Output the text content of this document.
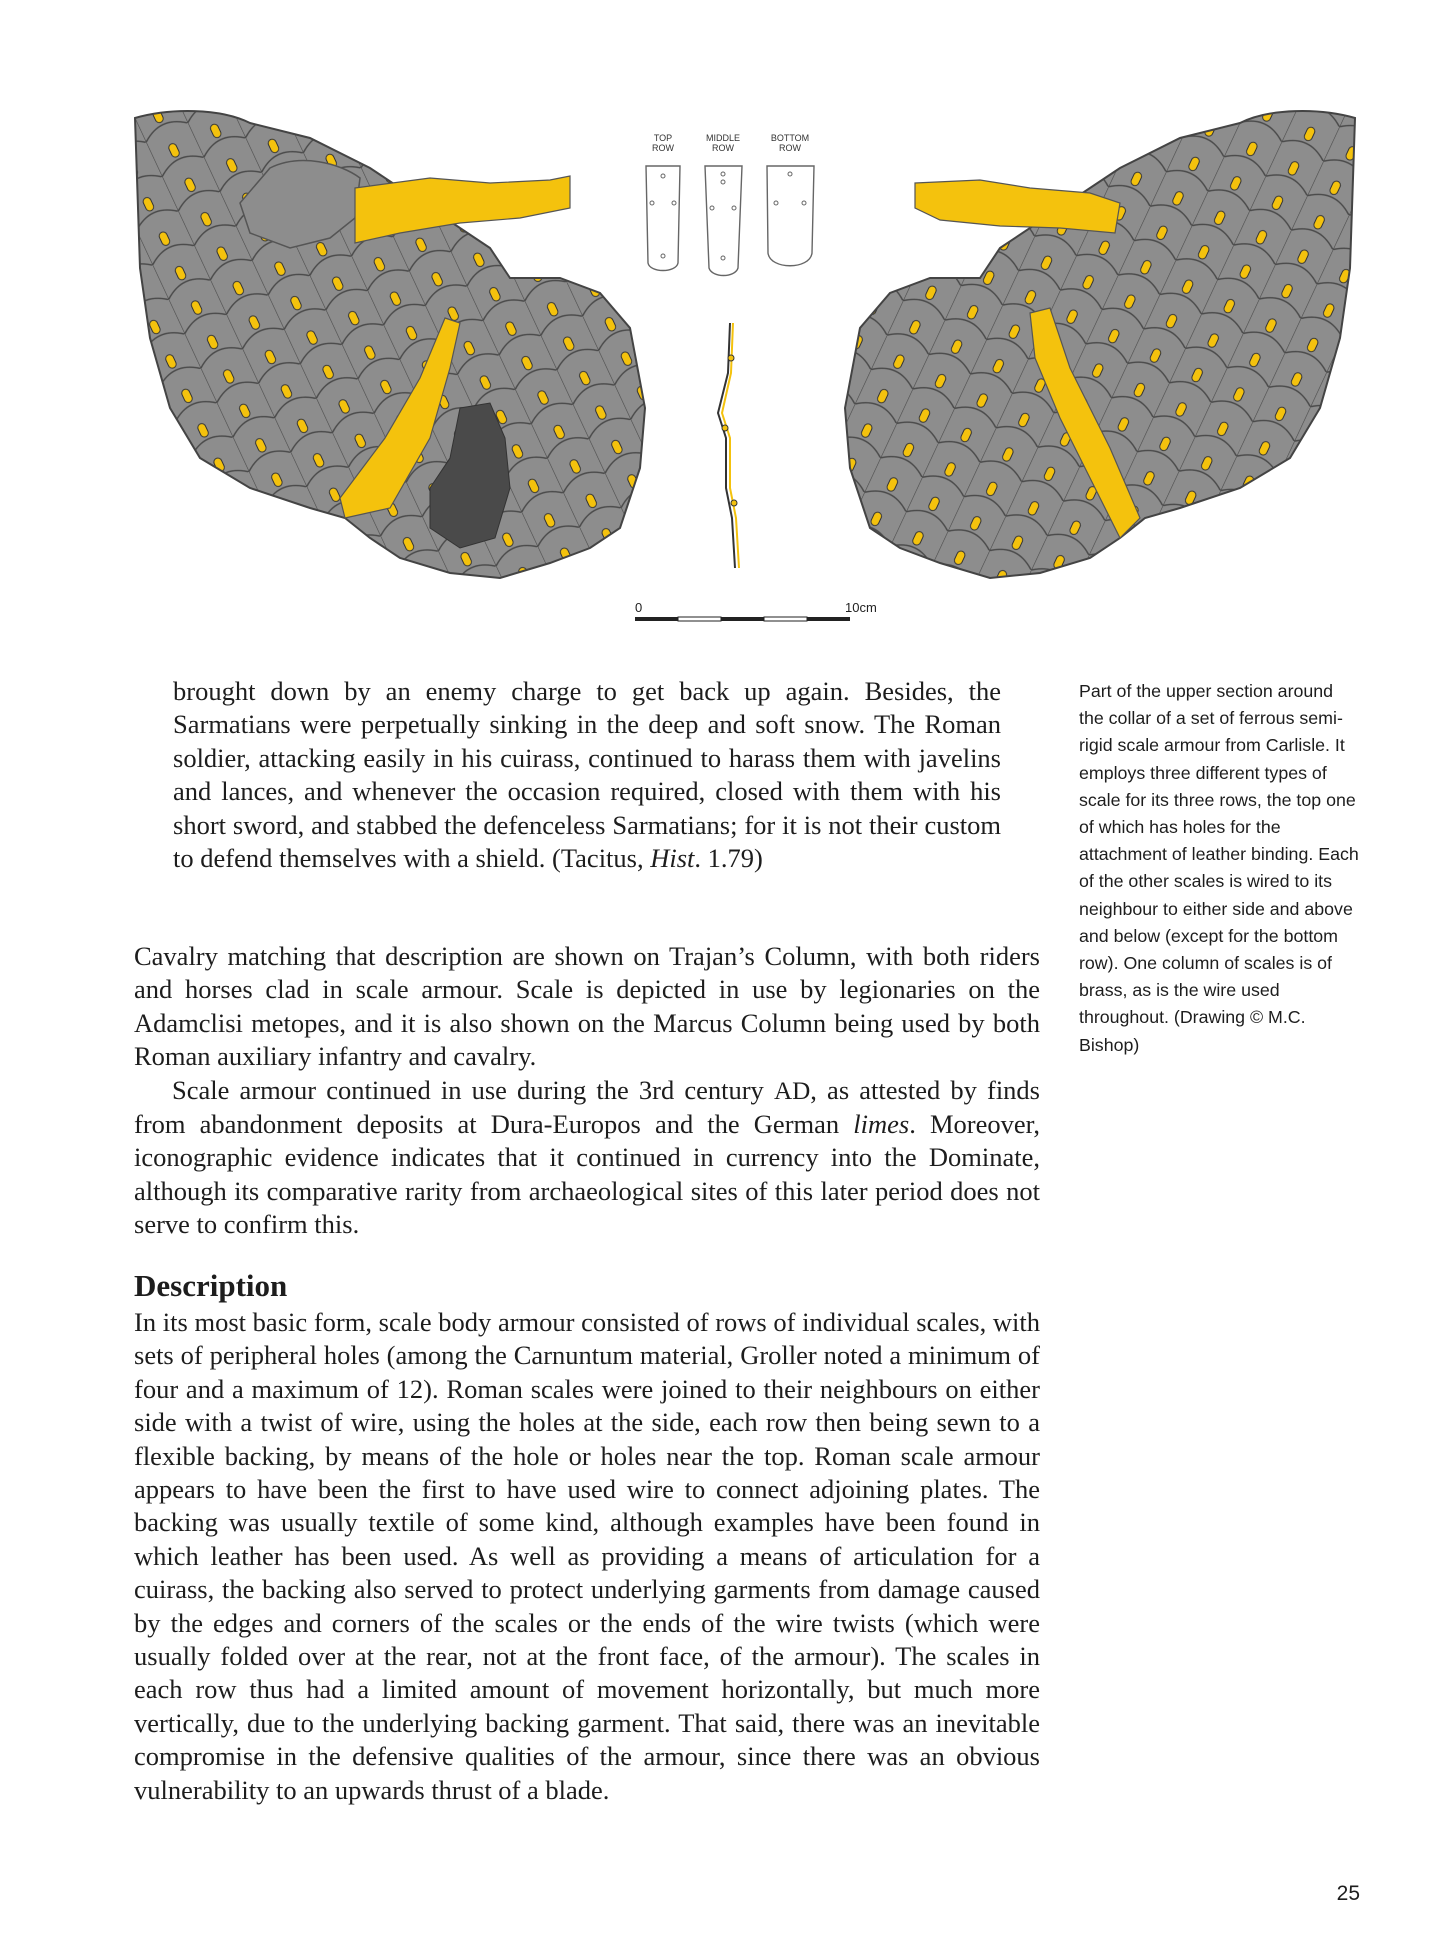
TOP
ROW
MIDDLE
ROW
BOTTOM
ROW
0	10cm

brought down by an enemy charge to get back up again. Besides, the Sarmatians were perpetually sinking in the deep and soft snow. The Roman soldier, attacking easily in his cuirass, continued to harass them with javelins and lances, and whenever the occasion required, closed with them with his short sword, and stabbed the defenceless Sarmatians; for it is not their custom to defend themselves with a shield. (Tacitus, Hist. 1.79)

Cavalry matching that description are shown on Trajan’s Column, with both riders and horses clad in scale armour. Scale is depicted in use by legionaries on the Adamclisi metopes, and it is also shown on the Marcus Column being used by both Roman auxiliary infantry and cavalry.

Scale armour continued in use during the 3rd century AD, as attested by finds from abandonment deposits at Dura-Europos and the German limes. Moreover, iconographic evidence indicates that it continued in currency into the Dominate, although its comparative rarity from archaeological sites of this later period does not serve to confirm this.

Description

In its most basic form, scale body armour consisted of rows of individual scales, with sets of peripheral holes (among the Carnuntum material, Groller noted a minimum of four and a maximum of 12). Roman scales were joined to their neighbours on either side with a twist of wire, using the holes at the side, each row then being sewn to a flexible backing, by means of the hole or holes near the top. Roman scale armour appears to have been the first to have used wire to connect adjoining plates. The backing was usually textile of some kind, although examples have been found in which leather has been used. As well as providing a means of articulation for a cuirass, the backing also served to protect underlying garments from damage caused by the edges and corners of the scales or the ends of the wire twists (which were usually folded over at the rear, not at the front face, of the armour). The scales in each row thus had a limited amount of movement horizontally, but much more vertically, due to the underlying backing garment. That said, there was an inevitable compromise in the defensive qualities of the armour, since there was an obvious vulnerability to an upwards thrust of a blade.

Part of the upper section around the collar of a set of ferrous semi-rigid scale armour from Carlisle. It employs three different types of scale for its three rows, the top one of which has holes for the attachment of leather binding. Each of the other scales is wired to its neighbour to either side and above and below (except for the bottom row). One column of scales is of brass, as is the wire used throughout. (Drawing © M.C. Bishop)

25
